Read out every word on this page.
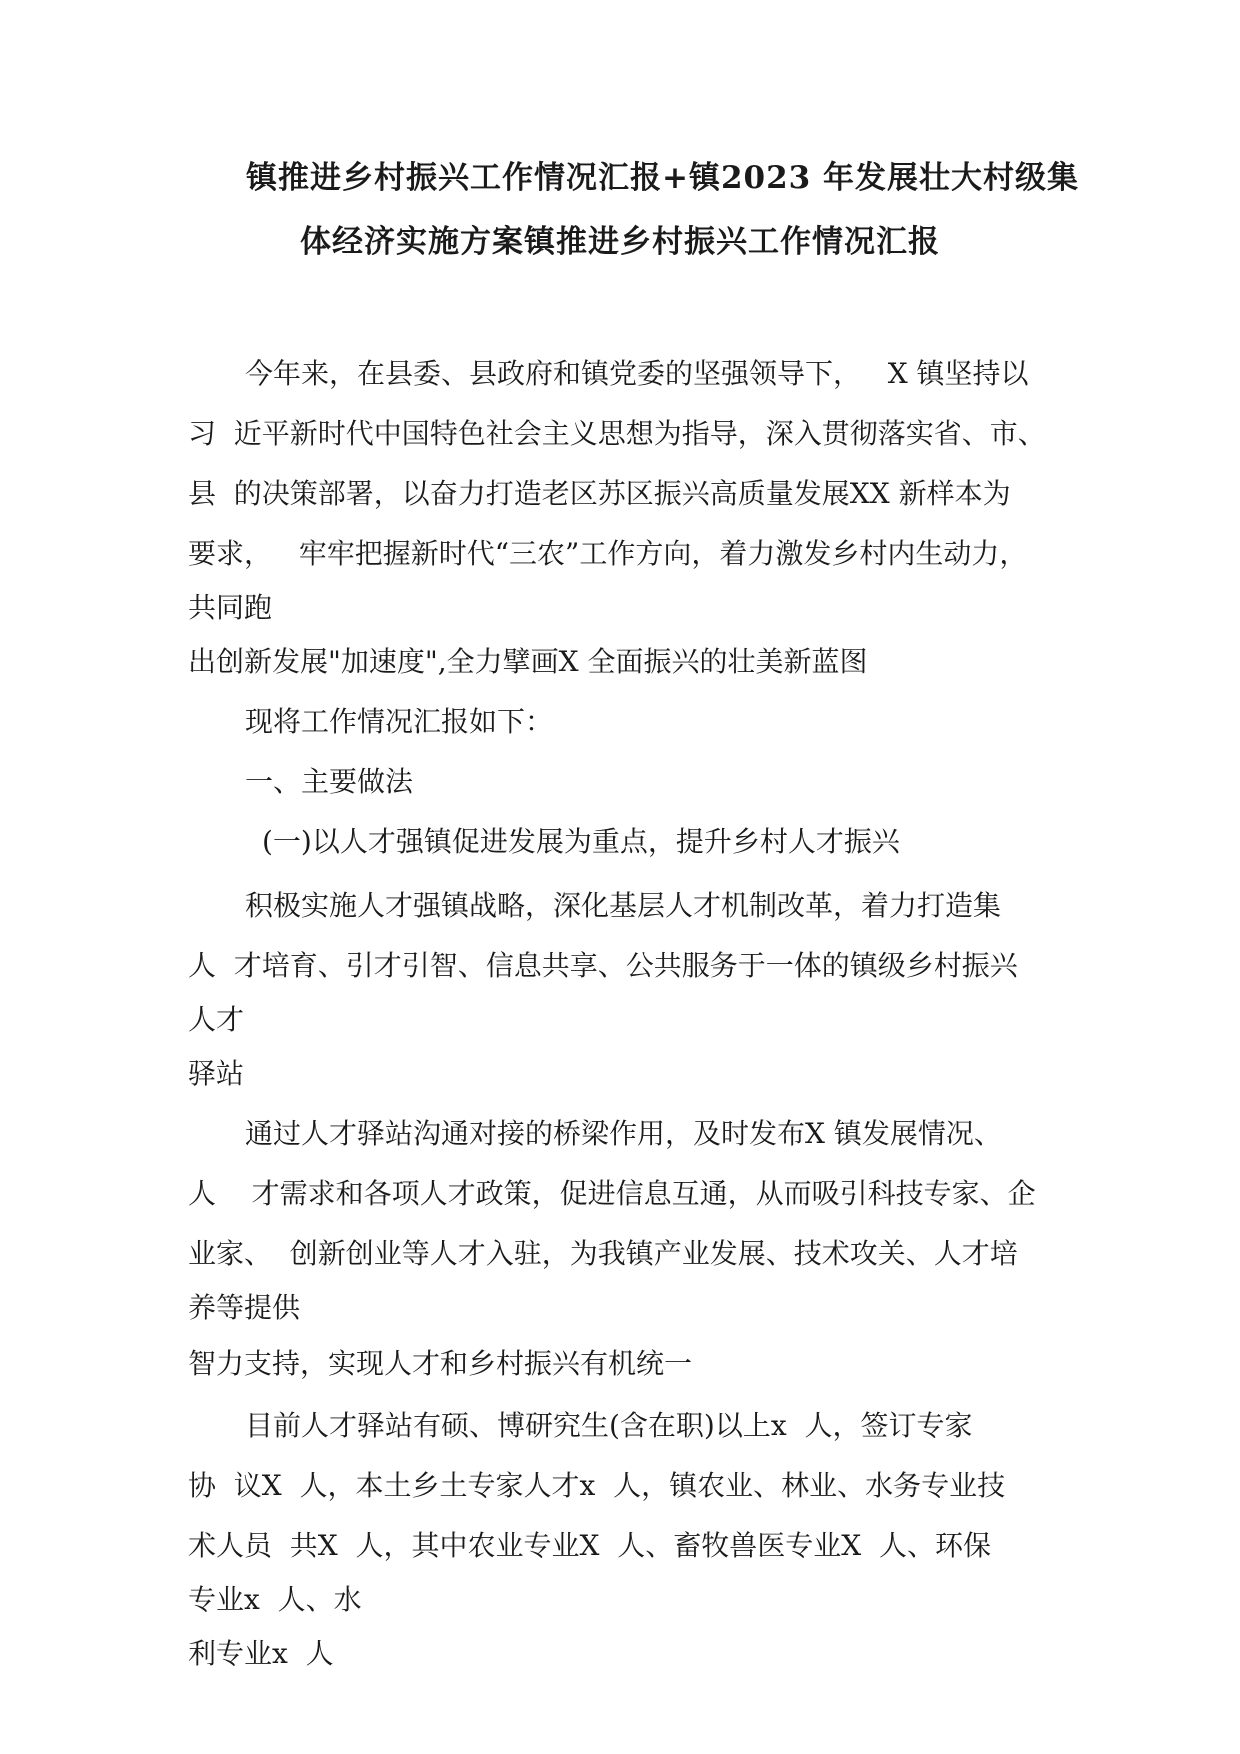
镇推进乡村振兴工作情况汇报+镇2023 年发展壮大村级集
体经济实施方案镇推进乡村振兴工作情况汇报
今年来，在县委、县政府和镇党委的坚强领导下，   X 镇坚持以
习  近平新时代中国特色社会主义思想为指导，深入贯彻落实省、市、
县  的决策部署，以奋力打造老区苏区振兴高质量发展XX 新样本为
要求，   牢牢把握新时代“三农”工作方向，着力激发乡村内生动力，
共同跑
出创新发展"加速度",全力擘画X 全面振兴的壮美新蓝图
现将工作情况汇报如下：
一、主要做法
(一)以人才强镇促进发展为重点，提升乡村人才振兴
积极实施人才强镇战略，深化基层人才机制改革，着力打造集
人  才培育、引才引智、信息共享、公共服务于一体的镇级乡村振兴
人才
驿站
通过人才驿站沟通对接的桥梁作用，及时发布X 镇发展情况、
人    才需求和各项人才政策，促进信息互通，从而吸引科技专家、企
业家、  创新创业等人才入驻，为我镇产业发展、技术攻关、人才培
养等提供
智力支持，实现人才和乡村振兴有机统一
目前人才驿站有硕、博研究生(含在职)以上x  人，签订专家
协  议X  人，本土乡土专家人才x  人，镇农业、林业、水务专业技
术人员  共X  人，其中农业专业X  人、畜牧兽医专业X  人、环保
专业x  人、水
利专业x  人
